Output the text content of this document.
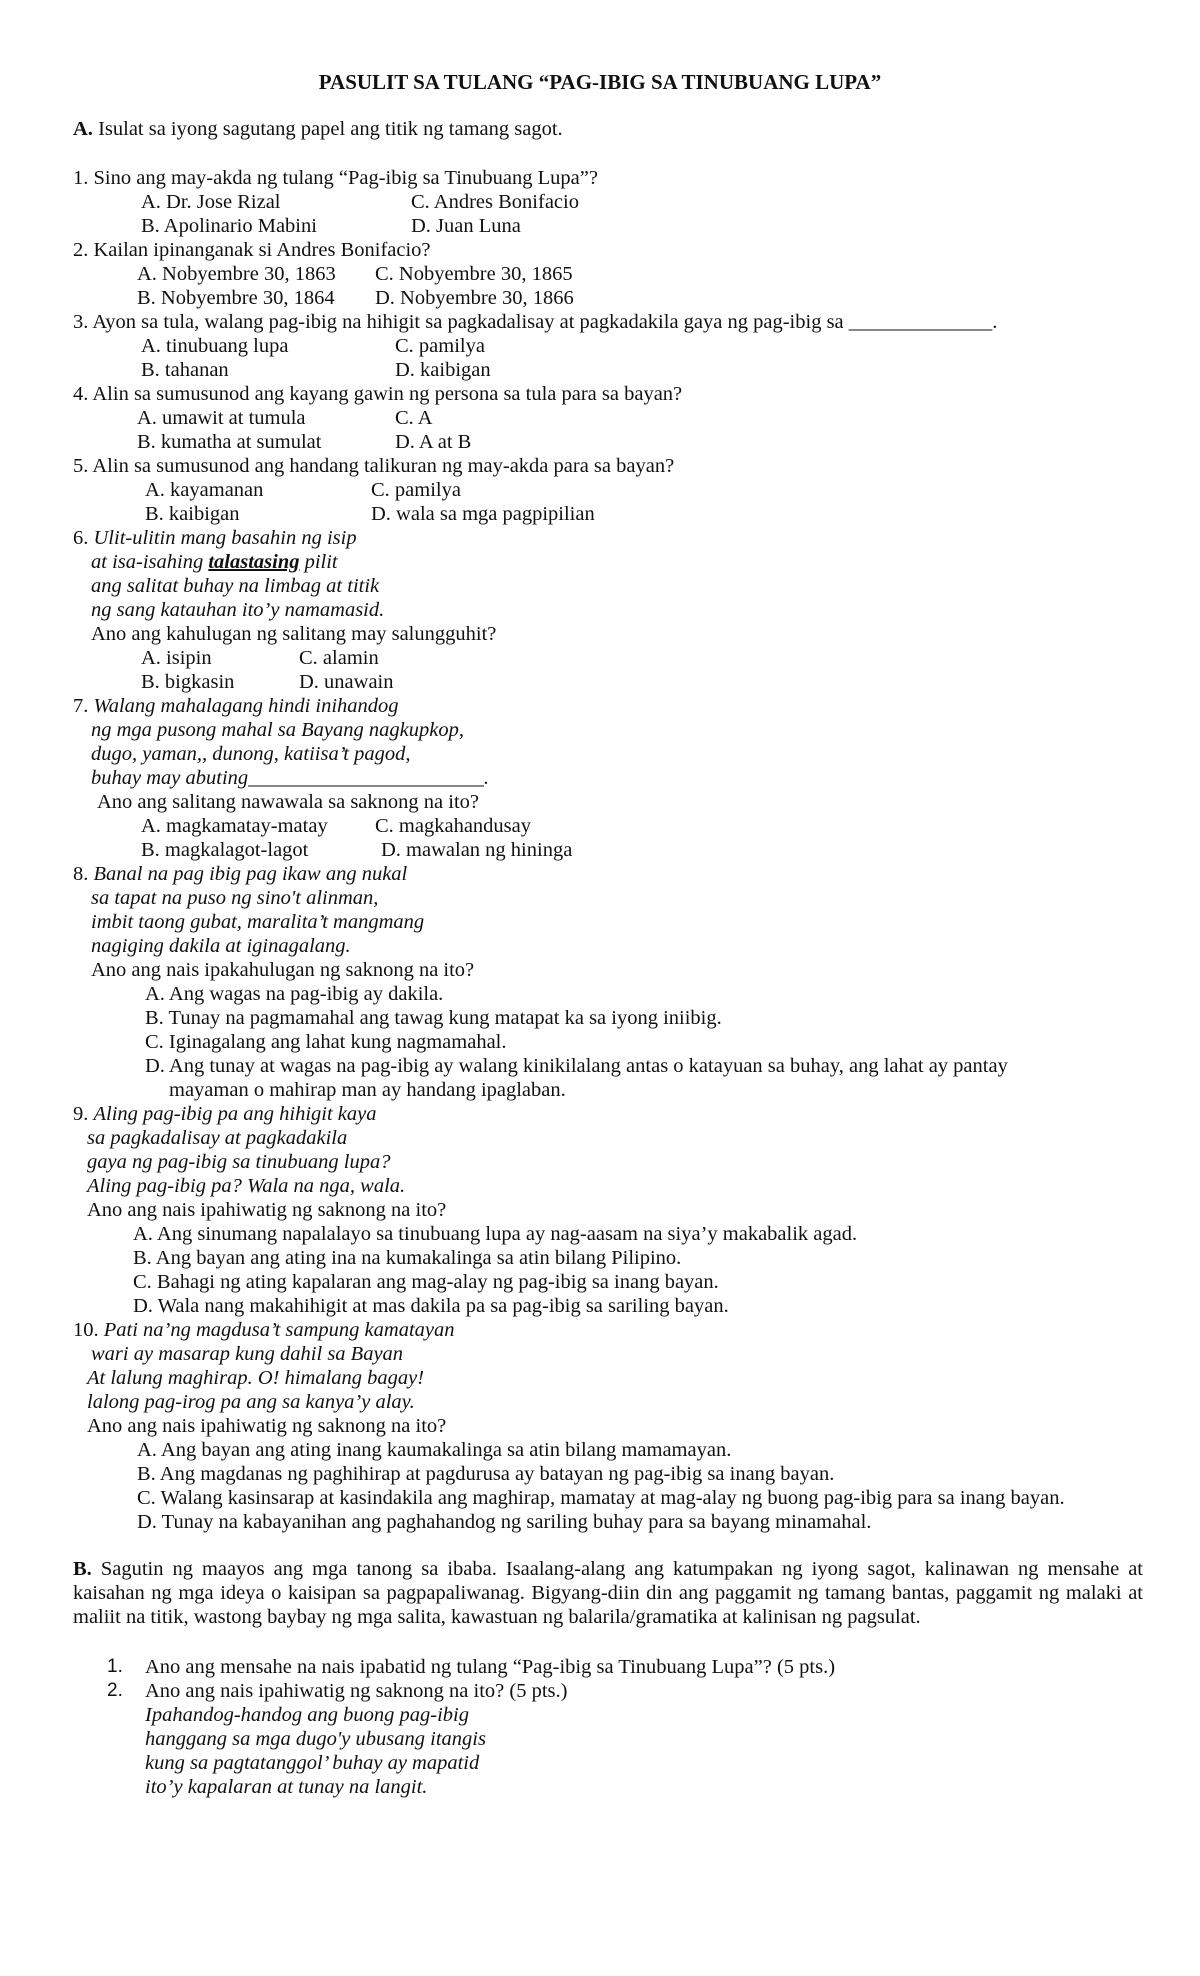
PASULIT SA TULANG “PAG-IBIG SA TINUBUANG LUPA”
A. Isulat sa iyong sagutang papel ang titik ng tamang sagot.
1. Sino ang may-akda ng tulang “Pag-ibig sa Tinubuang Lupa”?
A. Dr. Jose Rizal	C. Andres Bonifacio
B. Apolinario Mabini	D. Juan Luna
2. Kailan ipinanganak si Andres Bonifacio?
A. Nobyembre 30, 1863 C. Nobyembre 30, 1865
B. Nobyembre 30, 1864 D. Nobyembre 30, 1866
3. Ayon sa tula, walang pag-ibig na hihigit sa pagkadalisay at pagkadakila gaya ng pag-ibig sa ______________.
A. tinubuang lupa	C. pamilya
B. tahanan	D. kaibigan
4. Alin sa sumusunod ang kayang gawin ng persona sa tula para sa bayan?
A. umawit at tumula	C. A
B. kumatha at sumulat	D. A at B
5. Alin sa sumusunod ang handang talikuran ng may-akda para sa bayan?
A. kayamanan	C. pamilya
B. kaibigan	D. wala sa mga pagpipilian
6. Ulit-ulitin mang basahin ng isip
at isa-isahing talastasing pilit
ang salitat buhay na limbag at titik
ng sang katauhan ito’y namamasid.
Ano ang kahulugan ng salitang may salungguhit?
A. isipin	C. alamin
B. bigkasin	D. unawain
7. Walang mahalagang hindi inihandog
ng mga pusong mahal sa Bayang nagkupkop,
dugo, yaman,, dunong, katiisa’t pagod,
buhay may abuting_______________________.
Ano ang salitang nawawala sa saknong na ito?
A. magkamatay-matay C. magkahandusay
B. magkalagot-lagot	D. mawalan ng hininga
8. Banal na pag ibig pag ikaw ang nukal
sa tapat na puso ng sino't alinman,
imbit taong gubat, maralita’t mangmang
nagiging dakila at iginagalang.
Ano ang nais ipakahulugan ng saknong na ito?
A. Ang wagas na pag-ibig ay dakila.
B. Tunay na pagmamahal ang tawag kung matapat ka sa iyong iniibig.
C. Iginagalang ang lahat kung nagmamahal.
D. Ang tunay at wagas na pag-ibig ay walang kinikilalang antas o katayuan sa buhay, ang lahat ay pantay
mayaman o mahirap man ay handang ipaglaban.
9. Aling pag-ibig pa ang hihigit kaya
sa pagkadalisay at pagkadakila
gaya ng pag-ibig sa tinubuang lupa?
Aling pag-ibig pa? Wala na nga, wala.
Ano ang nais ipahiwatig ng saknong na ito?
A. Ang sinumang napalalayo sa tinubuang lupa ay nag-aasam na siya’y makabalik agad.
B. Ang bayan ang ating ina na kumakalinga sa atin bilang Pilipino.
C. Bahagi ng ating kapalaran ang mag-alay ng pag-ibig sa inang bayan.
D. Wala nang makahihigit at mas dakila pa sa pag-ibig sa sariling bayan.
10. Pati na’ng magdusa’t sampung kamatayan
wari ay masarap kung dahil sa Bayan
At lalung maghirap. O! himalang bagay!
lalong pag-irog pa ang sa kanya’y alay.
Ano ang nais ipahiwatig ng saknong na ito?
A. Ang bayan ang ating inang kaumakalinga sa atin bilang mamamayan.
B. Ang magdanas ng paghihirap at pagdurusa ay batayan ng pag-ibig sa inang bayan.
C. Walang kasinsarap at kasindakila ang maghirap, mamatay at mag-alay ng buong pag-ibig para sa inang bayan.
D. Tunay na kabayanihan ang paghahandog ng sariling buhay para sa bayang minamahal.
B. Sagutin ng maayos ang mga tanong sa ibaba. Isaalang-alang ang katumpakan ng iyong sagot, kalinawan ng mensahe at kaisahan ng mga ideya o kaisipan sa pagpapaliwanag. Bigyang-diin din ang paggamit ng tamang bantas, paggamit ng malaki at maliit na titik, wastong baybay ng mga salita, kawastuan ng balarila/gramatika at kalinisan ng pagsulat.
1. Ano ang mensahe na nais ipabatid ng tulang “Pag-ibig sa Tinubuang Lupa”? (5 pts.)
2. Ano ang nais ipahiwatig ng saknong na ito? (5 pts.)
Ipahandog-handog ang buong pag-ibig
hanggang sa mga dugo'y ubusang itangis
kung sa pagtatanggol’ buhay ay mapatid
ito’y kapalaran at tunay na langit.
